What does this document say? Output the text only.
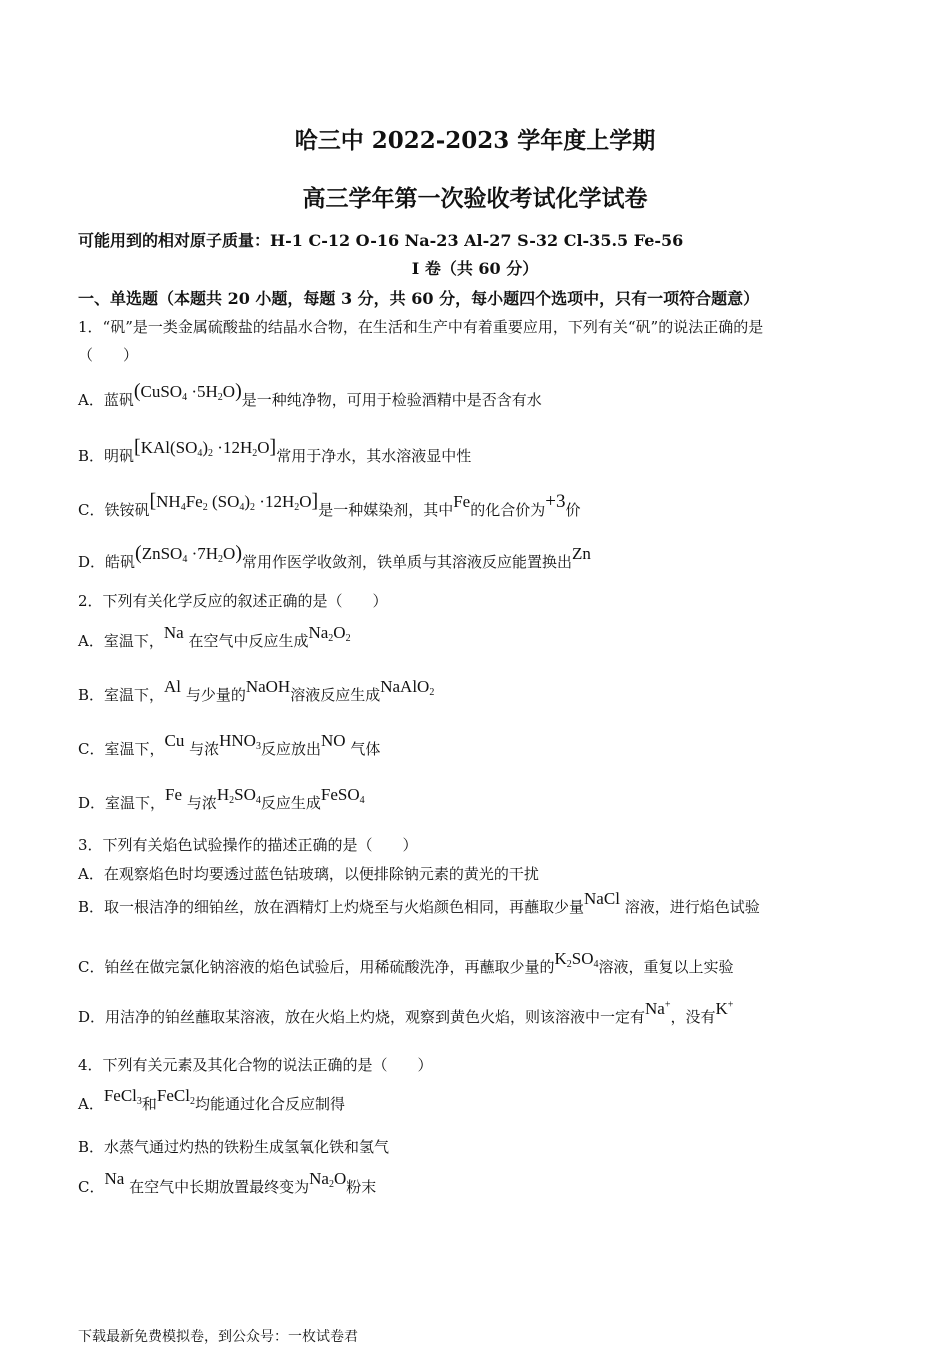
哈三中 2022-2023 学年度上学期
高三学年第一次验收考试化学试卷
可能用到的相对原子质量：H-1 C-12 O-16 Na-23 Al-27 S-32 Cl-35.5 Fe-56
Ⅰ 卷（共 60 分）
一、单选题（本题共 20 小题，每题 3 分，共 60 分，每小题四个选项中，只有一项符合题意）
1．“矾”是一类金属硫酸盐的结晶水合物，在生活和生产中有着重要应用，下列有关“矾”的说法正确的是
（　　）
A．蓝矾(CuSO$_4$ $\cdot 5H_2O$)是一种纯净物，可用于检验酒精中是否含有水
B．明矾$[KAl(SO_4)_2 \cdot 12H_2O]$常用于净水，其水溶液显中性
C．铁铵矾[$NH_4Fe_2$ $(SO_4)_2 \cdot 12H_2O$]是一种媒染剂，其中Fe的化合价为+3价
D．皓矾(ZnSO$_4$ $\cdot 7H_2O$)常用作医学收敛剂，铁单质与其溶液反应能置换出Zn
2．下列有关化学反应的叙述正确的是（　　）
A．室温下，Na 在空气中反应生成$Na_2O_2$
B．室温下，Al 与少量的NaOH溶液反应生成NaAlO$_2$
C．室温下，Cu 与浓$HNO_3$反应放出NO 气体
D．室温下，Fe 与浓$H_2SO_4$反应生成FeSO$_4$
3．下列有关焰色试验操作的描述正确的是（　　）
A．在观察焰色时均要透过蓝色钴玻璃，以便排除钠元素的黄光的干扰
B．取一根洁净的细铂丝，放在酒精灯上灼烧至与火焰颜色相同，再蘸取少量NaCl 溶液，进行焰色试验
C．铂丝在做完氯化钠溶液的焰色试验后，用稀硫酸洗净，再蘸取少量的$K_2SO_4$溶液，重复以上实验
D．用洁净的铂丝蘸取某溶液，放在火焰上灼烧，观察到黄色火焰，则该溶液中一定有Na+，没有K+
4．下列有关元素及其化合物的说法正确的是（　　）
A．FeCl$_3$和FeCl$_2$均能通过化合反应制得
B．水蒸气通过灼热的铁粉生成氢氧化铁和氢气
C．Na 在空气中长期放置最终变为$Na_2O$粉末
下载最新免费模拟卷，到公众号：一枚试卷君
